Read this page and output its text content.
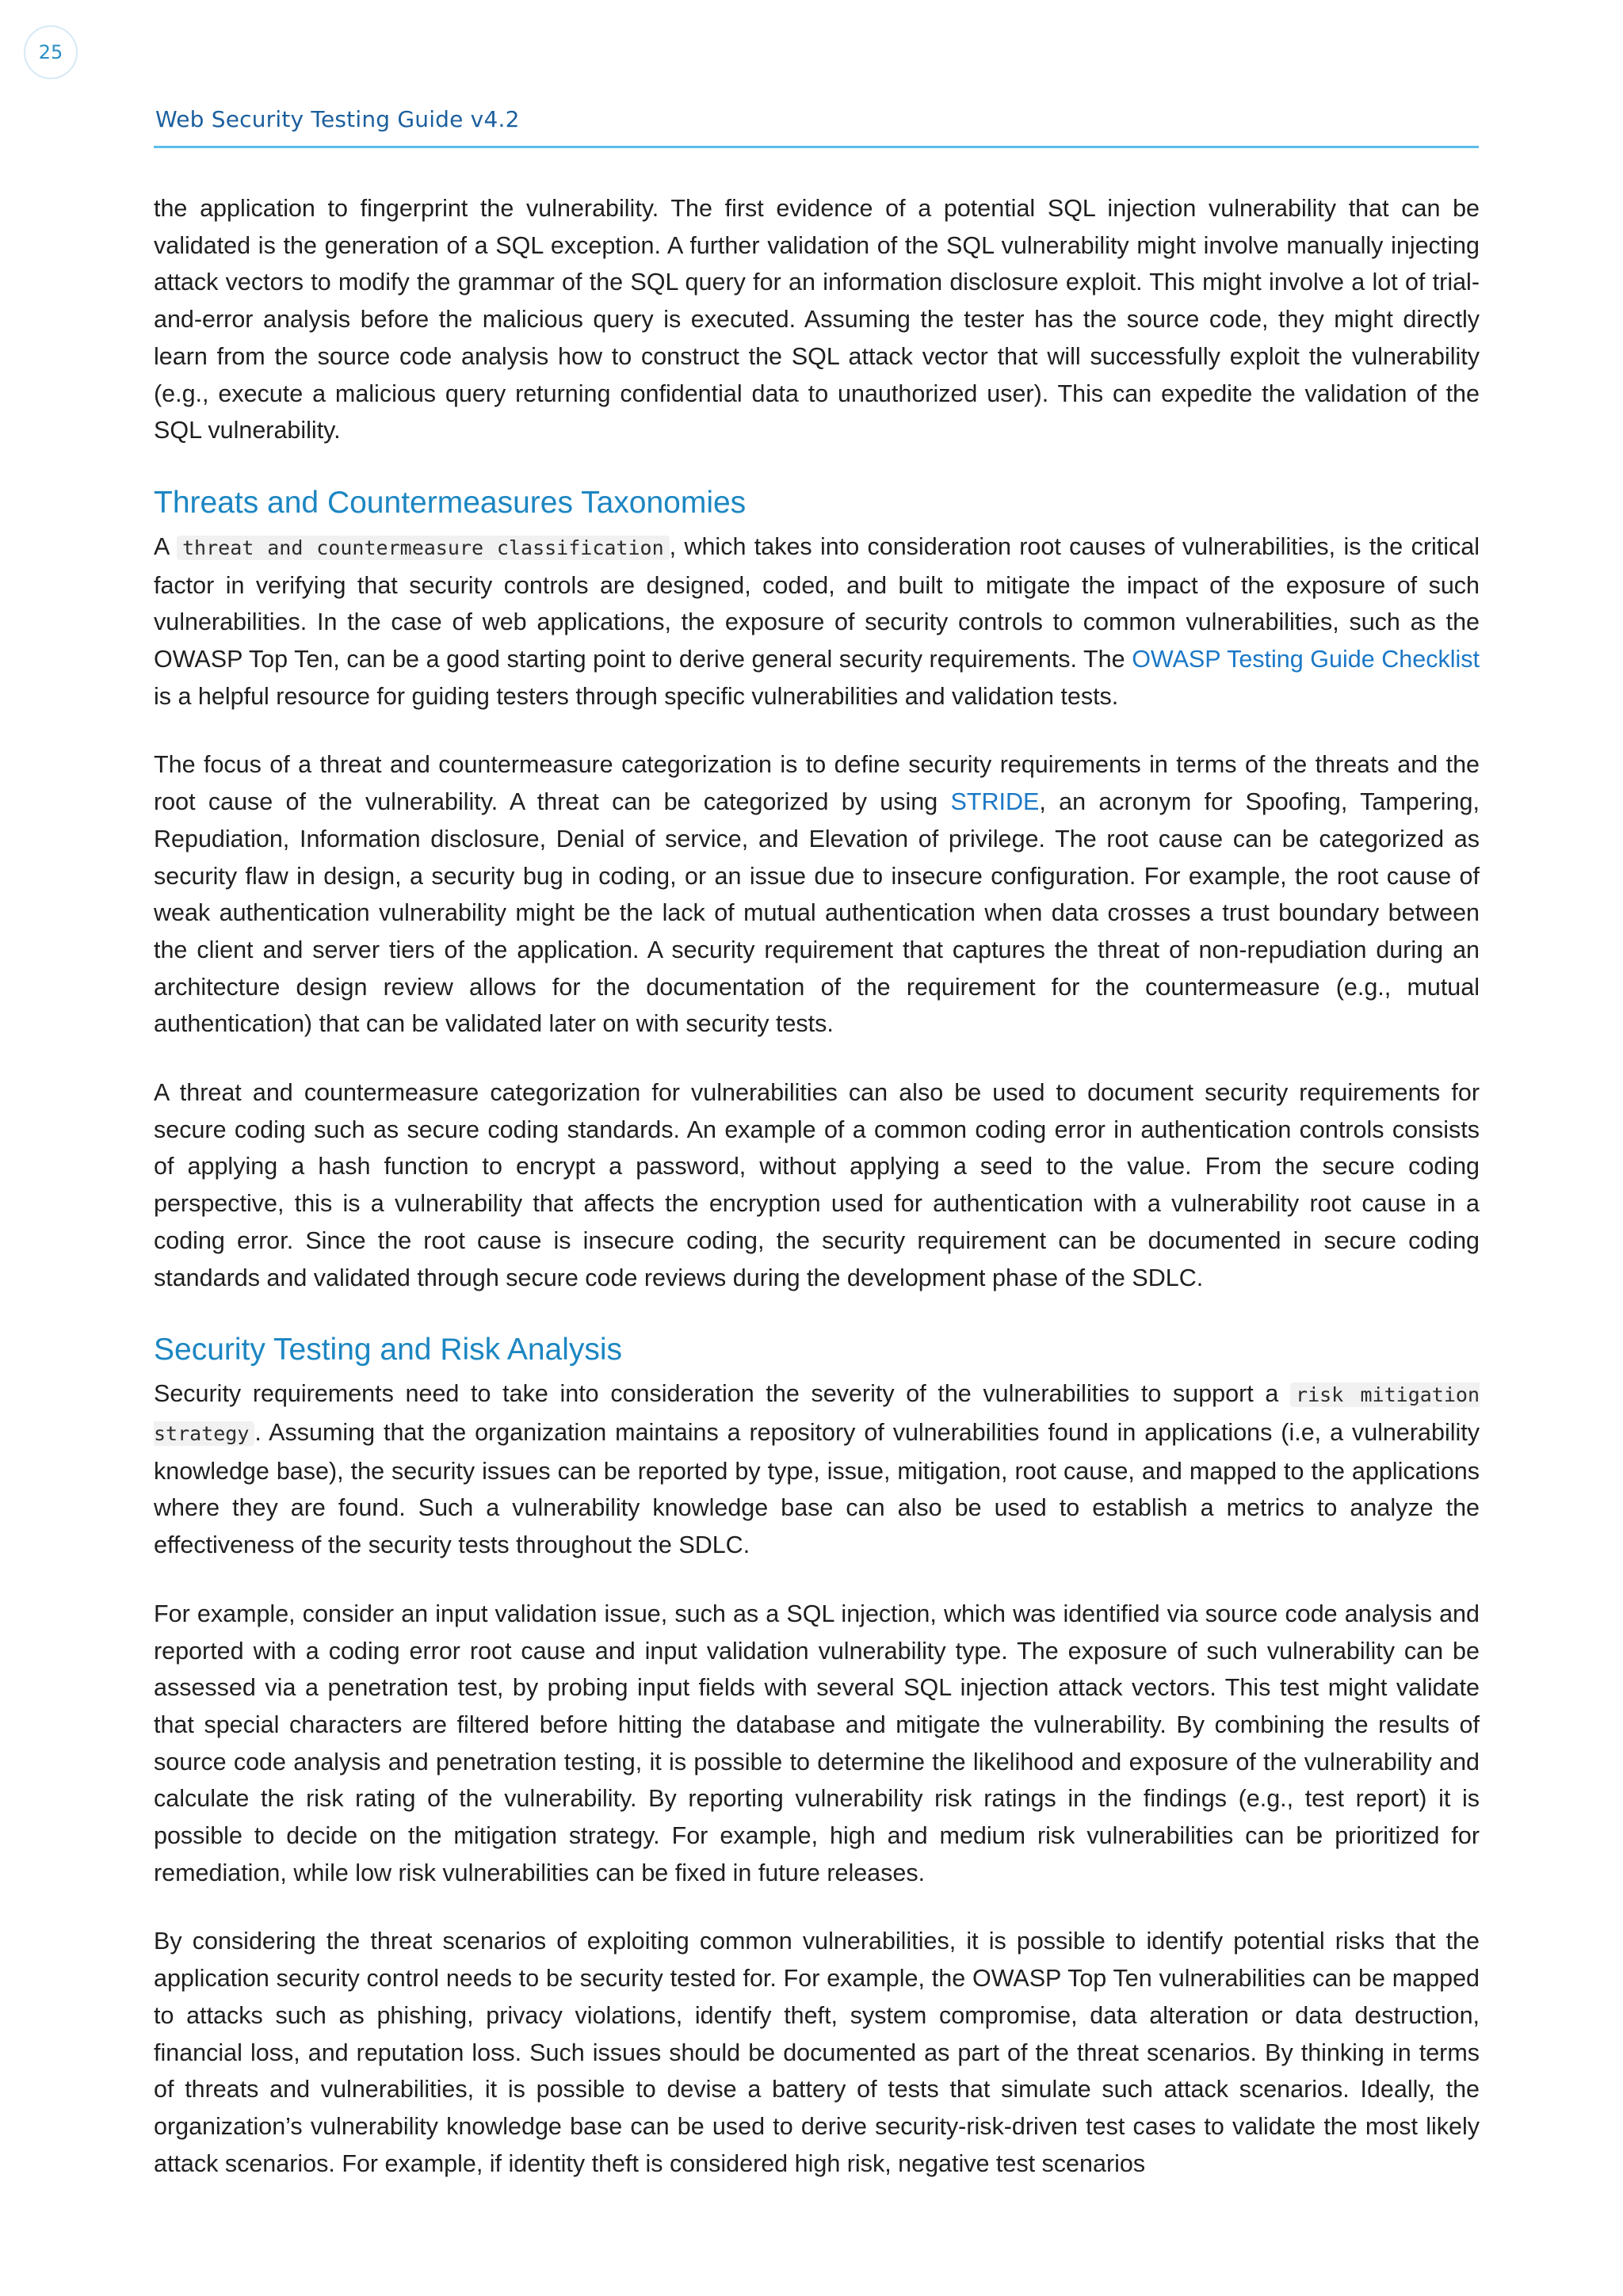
25
Web Security Testing Guide v4.2

the application to fingerprint the vulnerability. The first evidence of a potential SQL injection vulnerability that can be validated is the generation of a SQL exception. A further validation of the SQL vulnerability might involve manually injecting attack vectors to modify the grammar of the SQL query for an information disclosure exploit. This might involve a lot of trial-and-error analysis before the malicious query is executed. Assuming the tester has the source code, they might directly learn from the source code analysis how to construct the SQL attack vector that will successfully exploit the vulnerability (e.g., execute a malicious query returning confidential data to unauthorized user). This can expedite the validation of the SQL vulnerability.

Threats and Countermeasures Taxonomies

A threat and countermeasure classification , which takes into consideration root causes of vulnerabilities, is the critical factor in verifying that security controls are designed, coded, and built to mitigate the impact of the exposure of such vulnerabilities. In the case of web applications, the exposure of security controls to common vulnerabilities, such as the OWASP Top Ten, can be a good starting point to derive general security requirements. The OWASP Testing Guide Checklist is a helpful resource for guiding testers through specific vulnerabilities and validation tests.

The focus of a threat and countermeasure categorization is to define security requirements in terms of the threats and the root cause of the vulnerability. A threat can be categorized by using STRIDE, an acronym for Spoofing, Tampering, Repudiation, Information disclosure, Denial of service, and Elevation of privilege. The root cause can be categorized as security flaw in design, a security bug in coding, or an issue due to insecure configuration. For example, the root cause of weak authentication vulnerability might be the lack of mutual authentication when data crosses a trust boundary between the client and server tiers of the application. A security requirement that captures the threat of non-repudiation during an architecture design review allows for the documentation of the requirement for the countermeasure (e.g., mutual authentication) that can be validated later on with security tests.

A threat and countermeasure categorization for vulnerabilities can also be used to document security requirements for secure coding such as secure coding standards. An example of a common coding error in authentication controls consists of applying a hash function to encrypt a password, without applying a seed to the value. From the secure coding perspective, this is a vulnerability that affects the encryption used for authentication with a vulnerability root cause in a coding error. Since the root cause is insecure coding, the security requirement can be documented in secure coding standards and validated through secure code reviews during the development phase of the SDLC.

Security Testing and Risk Analysis

Security requirements need to take into consideration the severity of the vulnerabilities to support a risk mitigation strategy . Assuming that the organization maintains a repository of vulnerabilities found in applications (i.e, a vulnerability knowledge base), the security issues can be reported by type, issue, mitigation, root cause, and mapped to the applications where they are found. Such a vulnerability knowledge base can also be used to establish a metrics to analyze the effectiveness of the security tests throughout the SDLC.

For example, consider an input validation issue, such as a SQL injection, which was identified via source code analysis and reported with a coding error root cause and input validation vulnerability type. The exposure of such vulnerability can be assessed via a penetration test, by probing input fields with several SQL injection attack vectors. This test might validate that special characters are filtered before hitting the database and mitigate the vulnerability. By combining the results of source code analysis and penetration testing, it is possible to determine the likelihood and exposure of the vulnerability and calculate the risk rating of the vulnerability. By reporting vulnerability risk ratings in the findings (e.g., test report) it is possible to decide on the mitigation strategy. For example, high and medium risk vulnerabilities can be prioritized for remediation, while low risk vulnerabilities can be fixed in future releases.

By considering the threat scenarios of exploiting common vulnerabilities, it is possible to identify potential risks that the application security control needs to be security tested for. For example, the OWASP Top Ten vulnerabilities can be mapped to attacks such as phishing, privacy violations, identify theft, system compromise, data alteration or data destruction, financial loss, and reputation loss. Such issues should be documented as part of the threat scenarios. By thinking in terms of threats and vulnerabilities, it is possible to devise a battery of tests that simulate such attack scenarios. Ideally, the organization’s vulnerability knowledge base can be used to derive security-risk-driven test cases to validate the most likely attack scenarios. For example, if identity theft is considered high risk, negative test scenarios
